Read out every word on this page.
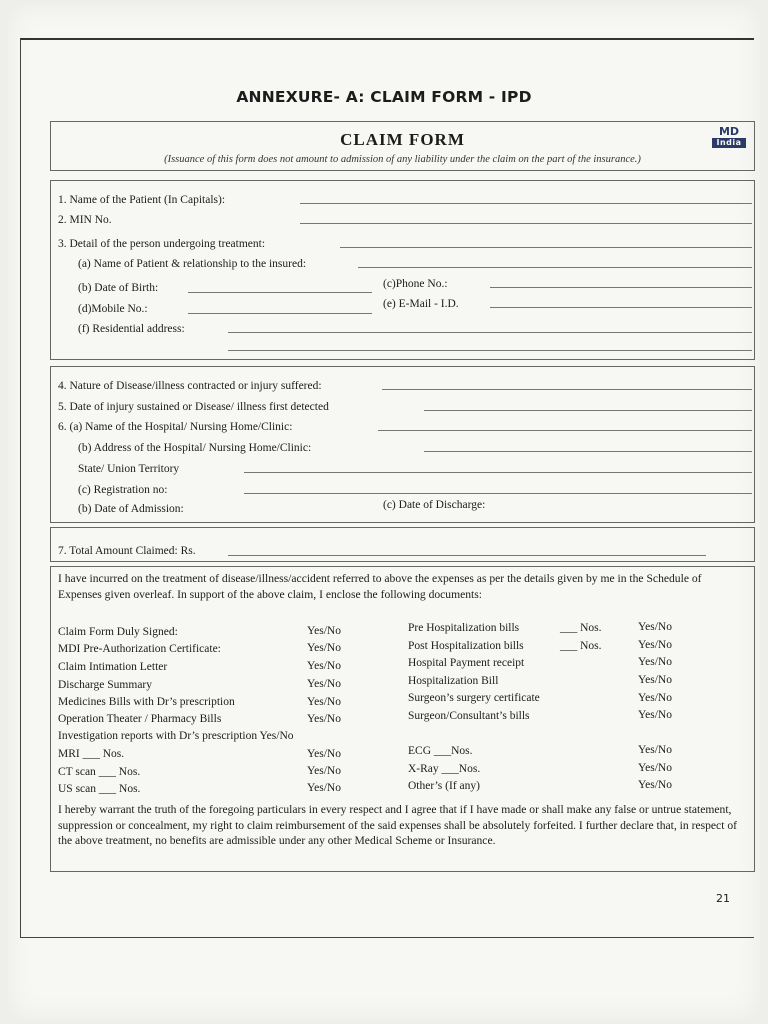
ANNEXURE- A: CLAIM FORM - IPD
CLAIM FORM
(Issuance of this form does not amount to admission of any liability under the claim on the part of the insurance.)
MD
India
1. Name of the Patient (In Capitals):
2. MIN No.
3. Detail of the person undergoing treatment:
(a) Name of Patient & relationship to the insured:
(b) Date of Birth:	(c)Phone No.:
(d)Mobile No.:	(e) E-Mail - I.D.
(f) Residential address:
4. Nature of Disease/illness contracted or injury suffered:
5. Date of injury sustained or Disease/ illness first detected
6. (a) Name of the Hospital/ Nursing Home/Clinic:
(b) Address of the Hospital/ Nursing Home/Clinic:
State/ Union Territory
(c) Registration no:
(b) Date of Admission:	(c) Date of Discharge:
7. Total Amount Claimed: Rs.
I have incurred on the treatment of disease/illness/accident referred to above the expenses as per the details given by me in the Schedule of Expenses given overleaf. In support of the above claim, I enclose the following documents:
Claim Form Duly Signed:	Yes/No
MDI Pre-Authorization Certificate:	Yes/No
Claim Intimation Letter	Yes/No
Discharge Summary	Yes/No
Medicines Bills with Dr’s prescription	Yes/No
Operation Theater / Pharmacy Bills	Yes/No
Pre Hospitalization bills	___ Nos.	Yes/No
Post Hospitalization bills	___ Nos.	Yes/No
Hospital Payment receipt	Yes/No
Hospitalization Bill	Yes/No
Surgeon’s surgery certificate	Yes/No
Surgeon/Consultant’s bills	Yes/No
Investigation reports with Dr’s prescription Yes/No
MRI ___ Nos.	Yes/No
CT scan ___ Nos.	Yes/No
US scan ___ Nos.	Yes/No
ECG ___Nos.	Yes/No
X-Ray ___Nos.	Yes/No
Other’s (If any)	Yes/No
I hereby warrant the truth of the foregoing particulars in every respect and I agree that if I have made or shall make any false or untrue statement, suppression or concealment, my right to claim reimbursement of the said expenses shall be absolutely forfeited. I further declare that, in respect of the above treatment, no benefits are admissible under any other Medical Scheme or Insurance.
21
